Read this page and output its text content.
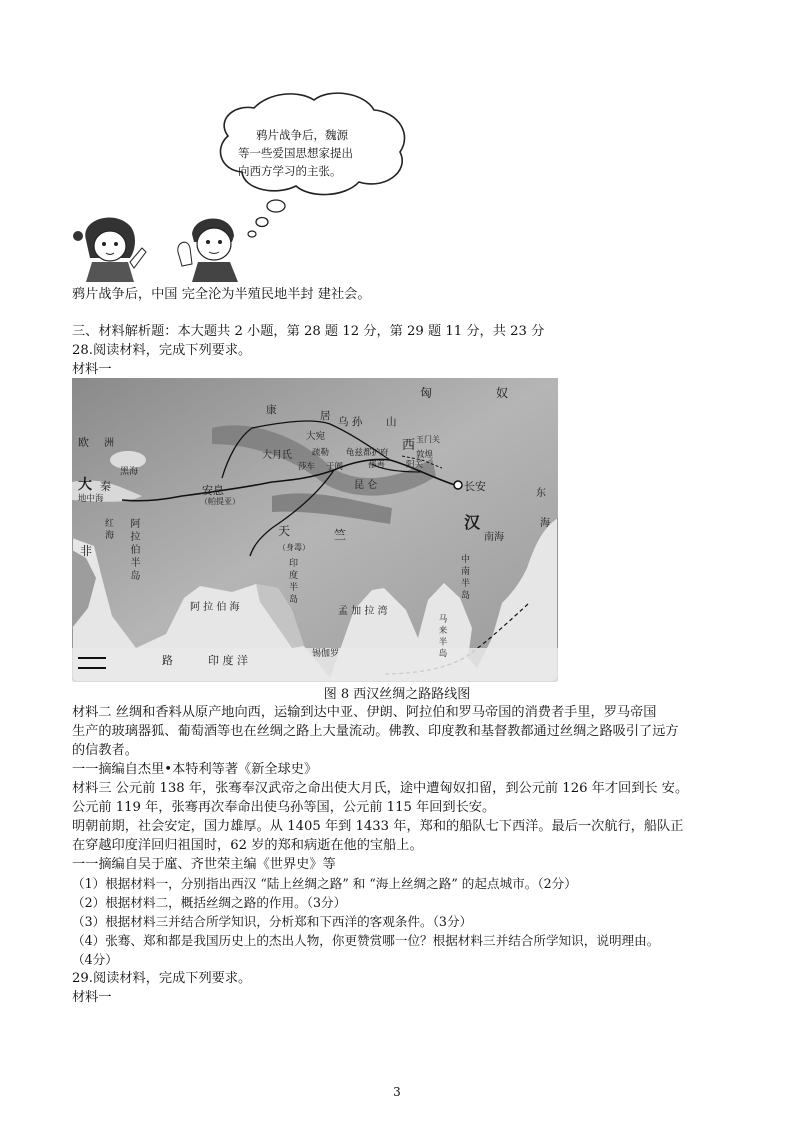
鸦片战争后，魏源
等一些爱国思想家提出
向西方学习的主张。
鸦片战争后，中国 完全沦为半殖民地半封 建社会。
三、材料解析题：本大题共 2 小题，第 28 题 12 分，第 29 题 11 分，共 23 分
28.阅读材料，完成下列要求。
材料一
匈	奴
康	居 乌 孙 山
西 玉门关
大宛
疏勒 龟兹都护府
大月氏
莎车 于阗	鄯善 阳关
敦煌
长安
昆 仑
安息
（帕提亚）
欧 洲
黑海
大 秦
地中海
非
红海 阿拉伯半岛
阿 拉 伯 海
天	竺
（身毒）
印度半岛
孟 加 拉 湾
汉
南海
东
海
中南半岛
马来半岛
锡伽罗
路	印 度 洋
图 8 西汉丝绸之路路线图
材料二 丝绸和香料从原产地向西，运输到达中亚、伊朗、阿拉伯和罗马帝国的消费者手里，罗马帝国
生产的玻璃器狐、葡萄酒等也在丝绸之路上大量流动。佛教、印度教和基督教都通过丝绸之路吸引了远方
的信教者。
一一摘编自杰里•本特利等著《新全球史》
材料三 公元前 138 年，张骞奉汉武帝之命出使大月氏，途中遭匈奴扣留，到公元前 126 年才回到长 安。
公元前 119 年，张骞再次奉命出使乌孙等国，公元前 115 年回到长安。
明朝前期，社会安定，国力雄厚。从 1405 年到 1433 年，郑和的船队七下西洋。最后一次航行，船队正
在穿越印度洋回归祖国时，62 岁的郑和病逝在他的宝船上。
一一摘编自吴于廑、齐世荣主编《世界史》等
（1）根据材料一，分别指出西汉 “陆上丝绸之路” 和 “海上丝绸之路” 的起点城市。（2分）
（2）根据材料二，概括丝绸之路的作用。（3分）
（3）根据材料三并结合所学知识，分析郑和下西洋的客观条件。（3分）
（4）张骞、郑和都是我国历史上的杰出人物，你更赞赏哪一位？根据材料三并结合所学知识，说明理由。
（4分）
29.阅读材料，完成下列要求。
材料一
3
